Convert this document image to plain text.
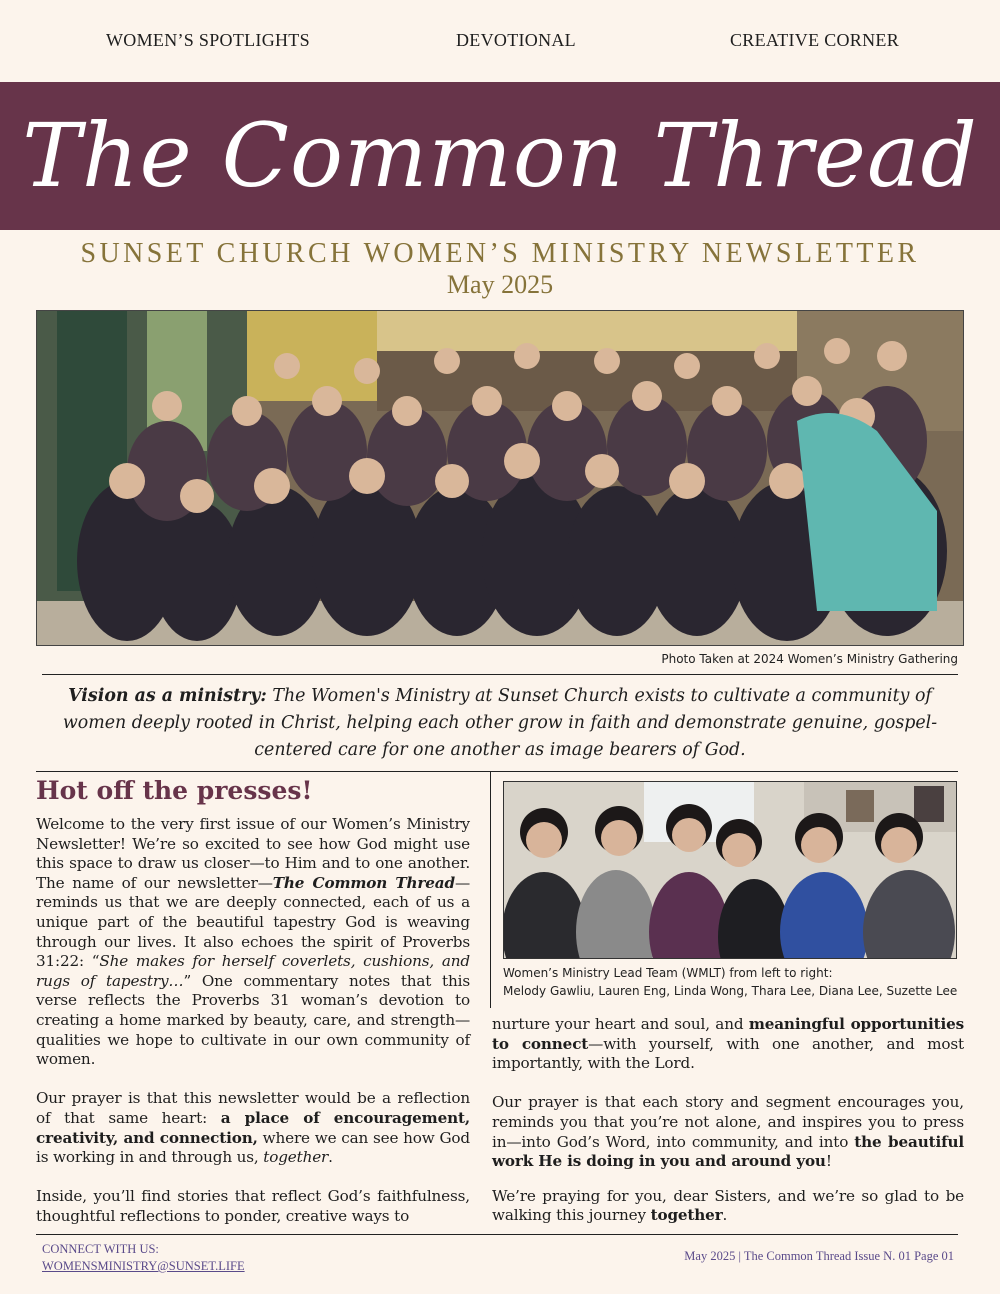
WOMEN’S SPOTLIGHTS	DEVOTIONAL	CREATIVE CORNER
The Common Thread
SUNSET CHURCH WOMEN’S MINISTRY NEWSLETTER
May 2025
Photo Taken at 2024 Women’s Ministry Gathering
Vision as a ministry: The Women's Ministry at Sunset Church exists to cultivate a community of women deeply rooted in Christ, helping each other grow in faith and demonstrate genuine, gospel-centered care for one another as image bearers of God.
Hot off the presses!

Welcome to the very first issue of our Women’s Ministry Newsletter! We’re so excited to see how God might use this space to draw us closer—to Him and to one another. The name of our newsletter—The Common Thread—reminds us that we are deeply connected, each of us a unique part of the beautiful tapestry God is weaving through our lives. It also echoes the spirit of Proverbs 31:22: “She makes for herself coverlets, cushions, and rugs of tapestry…” One commentary notes that this verse reflects the Proverbs 31 woman’s devotion to creating a home marked by beauty, care, and strength—qualities we hope to cultivate in our own community of women.

Our prayer is that this newsletter would be a reflection of that same heart: a place of encouragement, creativity, and connection, where we can see how God is working in and through us, together.

Inside, you’ll find stories that reflect God’s faithfulness, thoughtful reflections to ponder, creative ways to

Women’s Ministry Lead Team (WMLT) from left to right:
Melody Gawliu, Lauren Eng, Linda Wong, Thara Lee, Diana Lee, Suzette Lee

nurture your heart and soul, and meaningful opportunities to connect—with yourself, with one another, and most importantly, with the Lord.

Our prayer is that each story and segment encourages you, reminds you that you’re not alone, and inspires you to press in—into God’s Word, into community, and into the beautiful work He is doing in you and around you!

We’re praying for you, dear Sisters, and we’re so glad to be walking this journey together.

CONNECT WITH US:
WOMENSMINISTRY@SUNSET.LIFE
May 2025 | The Common Thread Issue N. 01 Page 01
